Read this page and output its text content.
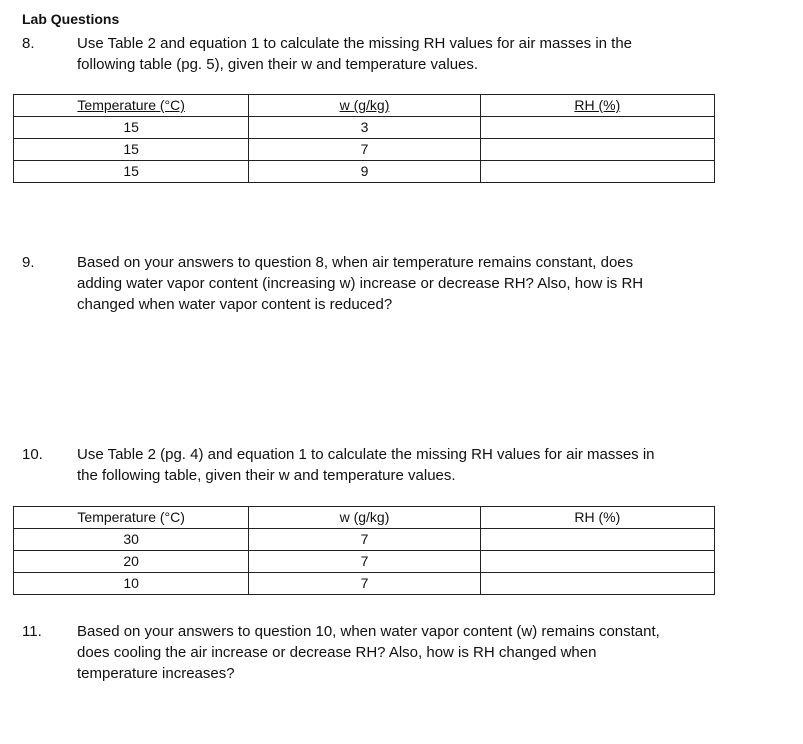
Lab Questions
8.	Use Table 2 and equation 1 to calculate the missing RH values for air masses in the
following table (pg. 5), given their w and temperature values.
Temperature (°C)	w (g/kg)	RH (%)
15	3	
15	7	
15	9	
9.	Based on your answers to question 8, when air temperature remains constant, does
adding water vapor content (increasing w) increase or decrease RH? Also, how is RH
changed when water vapor content is reduced?
10. Use Table 2 (pg. 4) and equation 1 to calculate the missing RH values for air masses in
the following table, given their w and temperature values.
Temperature (°C)	w (g/kg)	RH (%)
30	7	
20	7	
10	7	
11. Based on your answers to question 10, when water vapor content (w) remains constant,
does cooling the air increase or decrease RH? Also, how is RH changed when
temperature increases?
